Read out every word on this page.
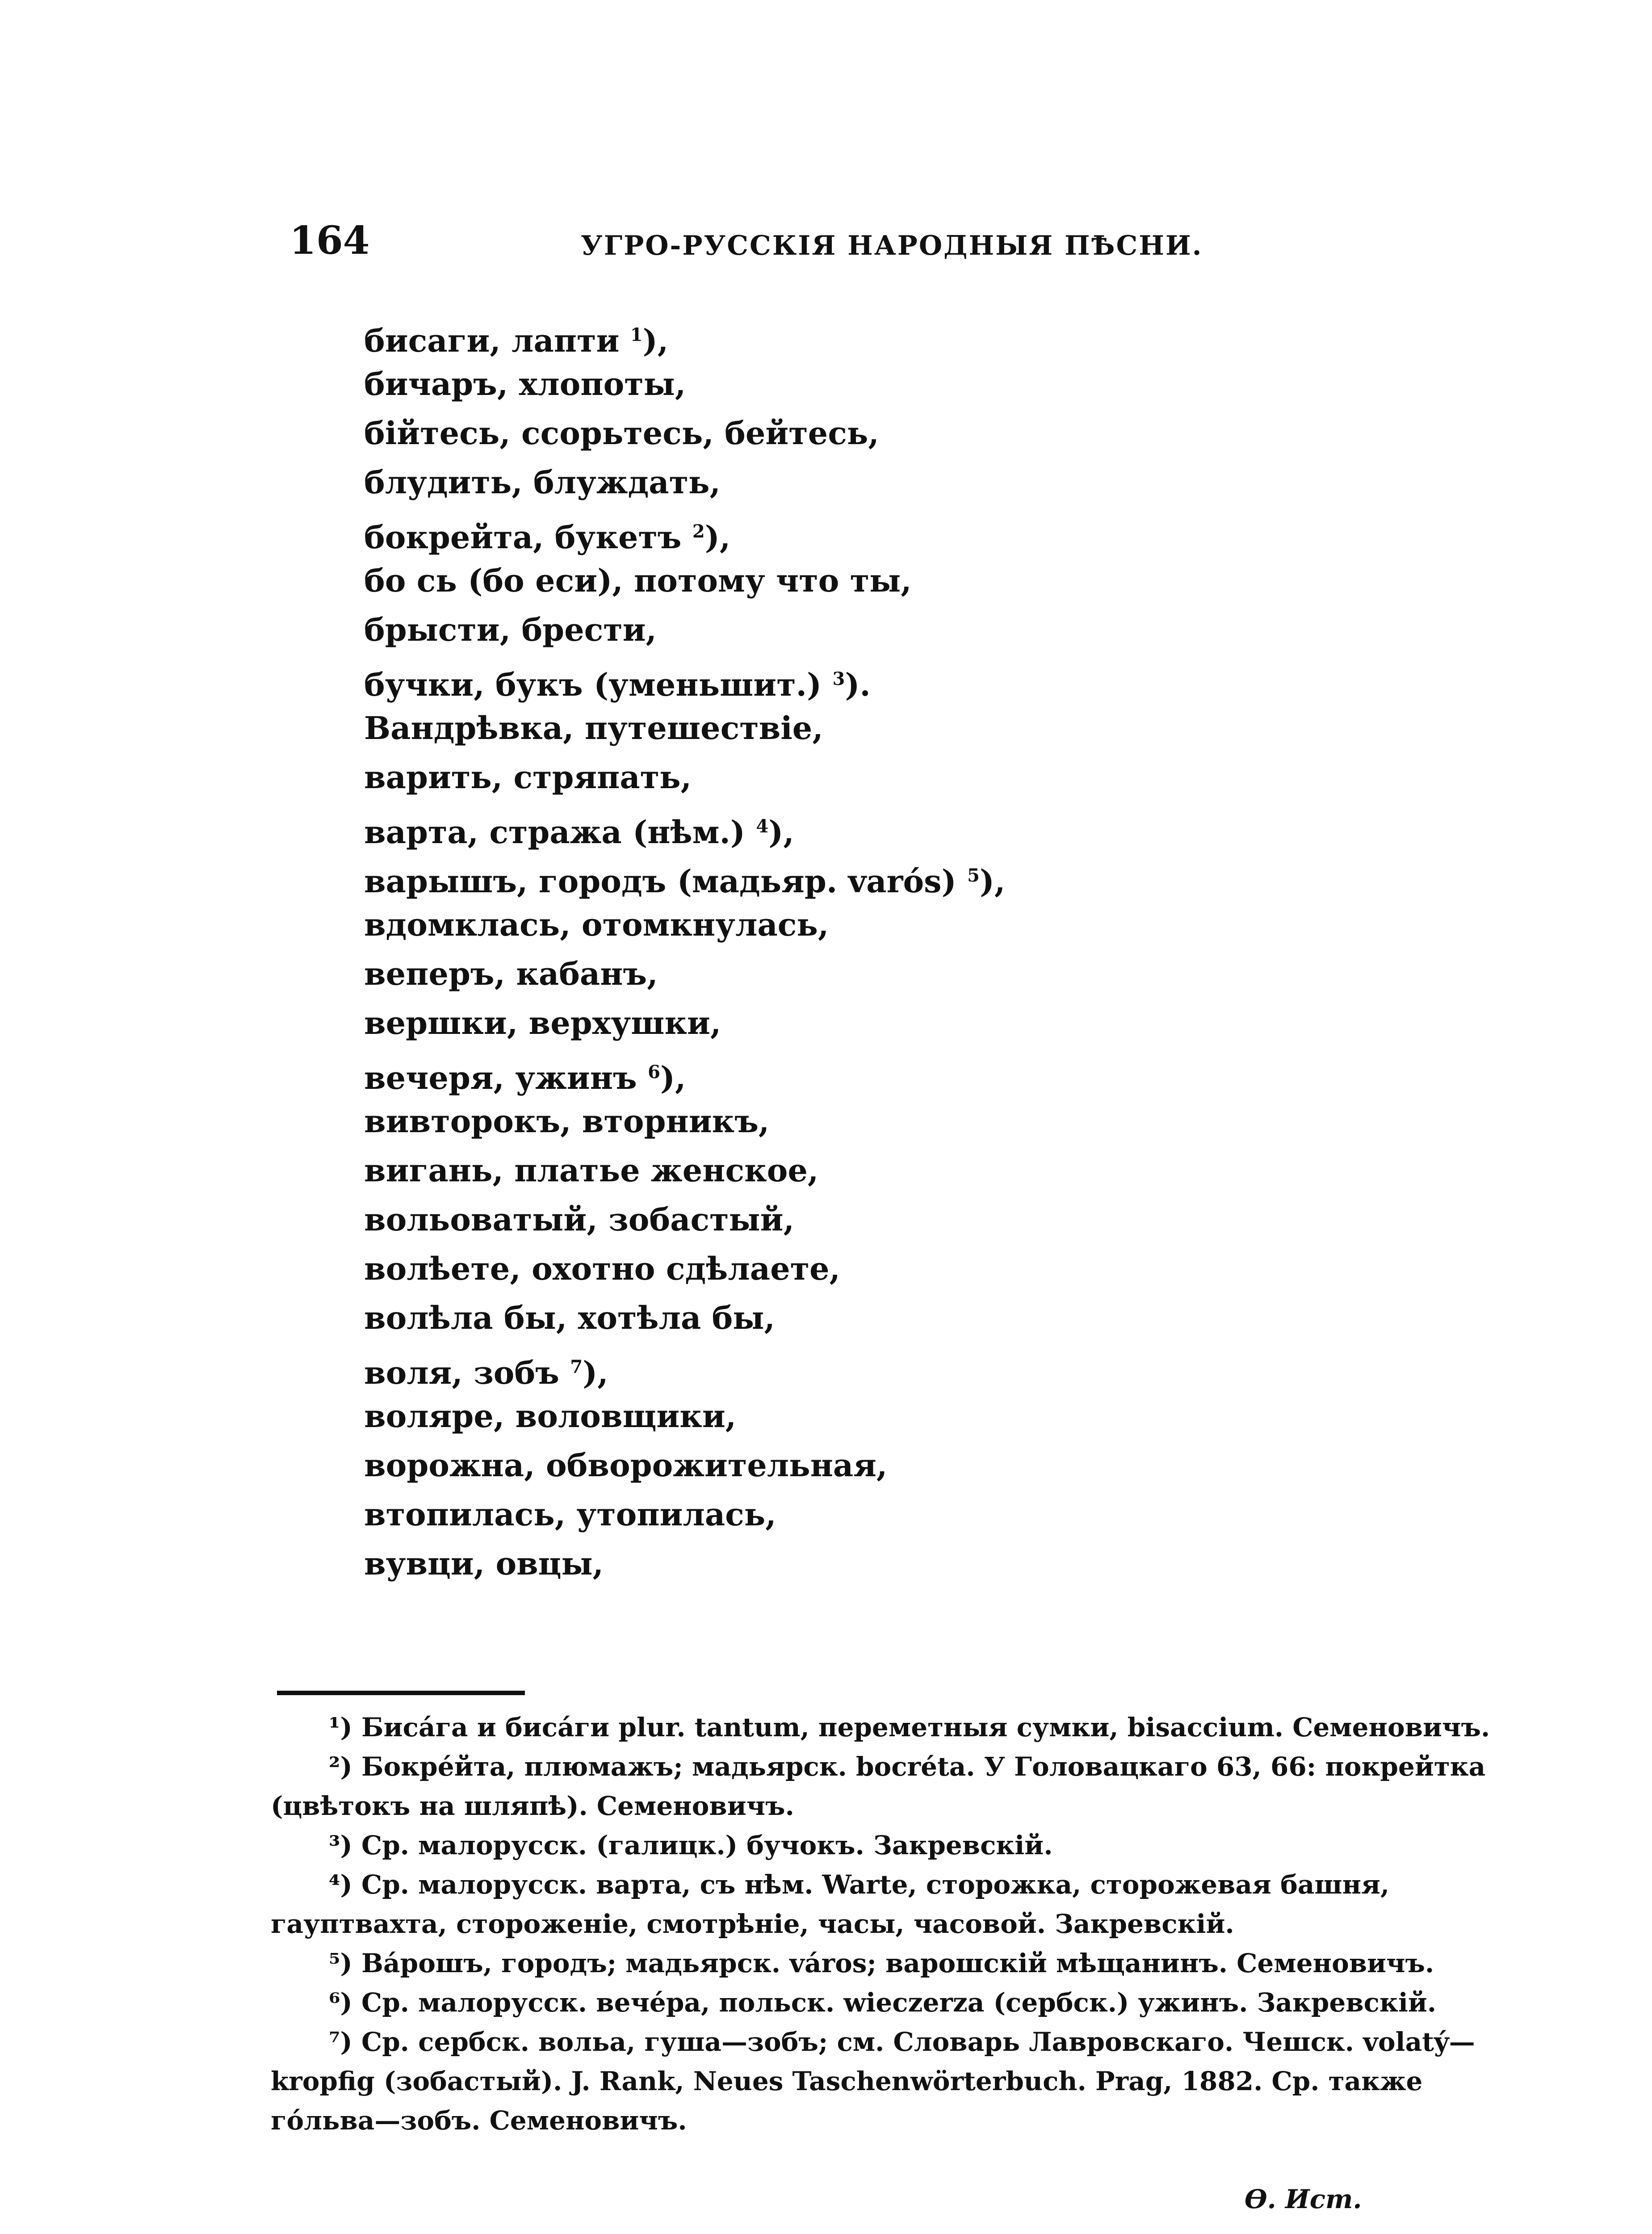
164	УГРО-РУССКІЯ НАРОДНЫЯ ПѢСНИ.
бисаги, лапти $^1$),
бичаръ, хлопоты,
бійтесь, ссорьтесь, бейтесь,
блудить, блуждать,
бокрейта, букетъ $^2$),
бо сь (бо еси), потому что ты,
брысти, брести,
бучки, букъ (уменьшит.) $^3$).
Вандрѣвка, путешествіе,
варить, стряпать,
варта, стража (нѣм.) $^4$),
варышъ, городъ (мадьяр. varós) $^5$),
вдомклась, отомкнулась,
веперъ, кабанъ,
вершки, верхушки,
вечеря, ужинъ $^6$),
вивторокъ, вторникъ,
вигань, платье женское,
вольоватый, зобастый,
волѣете, охотно сдѣлаете,
волѣла бы, хотѣла бы,
воля, зобъ $^7$),
воляре, воловщики,
ворожна, обворожительная,
втопилась, утопилась,
вувци, овцы,
¹) Бисáга и бисáги plur. tantum, переметныя сумки, bisaccium. Семеновичъ.
²) Бокрéйта, плюмажъ; мадьярск. bocréta. У Головацкаго 63, 66: покрейтка
(цвѣтокъ на шляпѣ). Семеновичъ.
³) Ср. малорусск. (галицк.) бучокъ. Закревскій.
⁴) Ср. малорусск. варта, съ нѣм. Warte, сторожка, сторожевая башня,
гауптвахта, стороженіе, смотрѣніе, часы, часовой. Закревскій.
⁵) Вáрошъ, городъ; мадьярск. város; варошскій мѣщанинъ. Семеновичъ.
⁶) Ср. малорусск. вечéра, польск. wieczerza (сербск.) ужинъ. Закревскій.
⁷) Ср. сербск. вольа, гуша—зобъ; см. Словарь Лавровскаго. Чешск. volatý—
kropfig (зобастый). J. Rank, Neues Taschenwörterbuch. Prag, 1882. Ср. также
гóльва—зобъ. Семеновичъ.
Ѳ. Ист.
